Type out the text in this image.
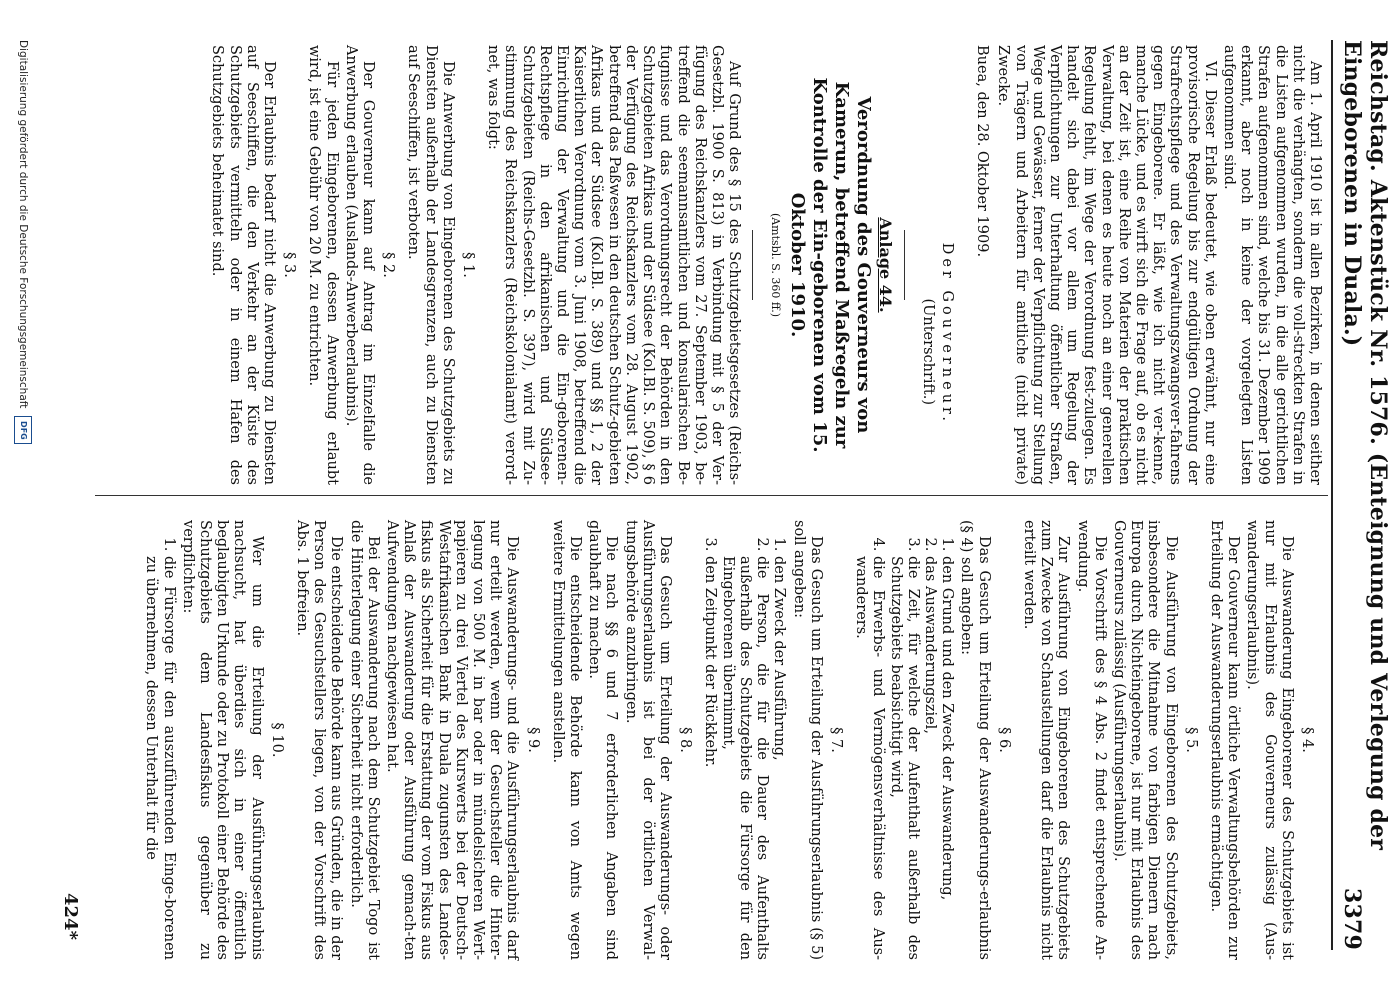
Reichstag. Aktenstück Nr. 1576. (Enteignung und Verlegung der Eingeborenen in Duala.)
3379

Am 1. April 1910 ist in allen Bezirken, in denen seither nicht die verhängten, sondern die voll-streckten Strafen in die Listen aufgenommen wurden, in die alle gerichtlichen Strafen aufgenommen sind, welche bis 31. Dezember 1909 erkannt, aber noch in keine der vorgelegten Listen aufgenommen sind.

VI. Dieser Erlaß bedeutet, wie oben erwähnt, nur eine provisorische Regelung bis zur endgültigen Ordnung der Strafrechtspflege und des Verwaltungszwangsver-fahrens gegen Eingeborene. Er läßt, wie ich nicht ver-kenne, manche Lücke, und es wirft sich die Frage auf, ob es nicht an der Zeit ist, eine Reihe von Materien der praktischen Verwaltung, bei denen es heute noch an einer generellen Regelung fehlt, im Wege der Verordnung fest-zulegen. Es handelt sich dabei vor allem um Regelung der Verpflichtungen zur Unterhaltung öffentlicher Straßen, Wege und Gewässer, ferner der Verpflichtung zur Stellung von Trägern und Arbeitern für amtliche (nicht private) Zwecke.

Buea, den 28. Oktober 1909.

Der Gouverneur.

(Unterschrift.)

Anlage 44.
Verordnung des Gouverneurs von Kamerun, betreffend Maßregeln zur Kontrolle der Ein-geborenen vom 15. Oktober 1910.
(Amtsbl. S. 360 ff.)

Auf Grund des § 15 des Schutzgebietsgesetzes (Reichs-Gesetzbl. 1900 S. 813) in Verbindung mit § 5 der Ver-fügung des Reichskanzlers vom 27. September 1903, be-treffend die seemannsamtlichen und konsularischen Be-fugnisse und das Verordnungsrecht der Behörden in den Schutzgebieten Afrikas und der Südsee (Kol.Bl. S. 509), § 6 der Verfügung des Reichskanzlers vom 28. August 1902, betreffend das Paßwesen in den deutschen Schutz-gebieten Afrikas und der Südsee (Kol.Bl. S. 389) und §§ 1, 2 der Kaiserlichen Verordnung vom 3. Juni 1908, betreffend die Einrichtung der Verwaltung und die Ein-geborenen-Rechtspflege in den afrikanischen und Südsee-Schutzgebieten (Reichs-Gesetzbl. S. 397), wird mit Zu-stimmung des Reichskanzlers (Reichskolonialamt) verord-net, was folgt:

§ 1.

Die Anwerbung von Eingeborenen des Schutzgebiets zu Diensten außerhalb der Landesgrenzen, auch zu Diensten auf Seeschiffen, ist verboten.

§ 2.

Der Gouverneur kann auf Antrag im Einzelfalle die Anwerbung erlauben (Auslands-Anwerbeerlaubnis).

Für jeden Eingeborenen, dessen Anwerbung erlaubt wird, ist eine Gebühr von 20 M. zu entrichten.

§ 3.

Der Erlaubnis bedarf nicht die Anwerbung zu Diensten auf Seeschiffen, die den Verkehr an der Küste des Schutzgebiets vermitteln oder in einem Hafen des Schutzgebiets beheimatet sind.

§ 4.

Die Auswanderung Eingeborener des Schutzgebiets ist nur mit Erlaubnis des Gouverneurs zulässig (Aus-wanderungserlaubnis).

Der Gouverneur kann örtliche Verwaltungsbehörden zur Erteilung der Auswanderungserlaubnis ermächtigen.

§ 5.

Die Ausführung von Eingeborenen des Schutzgebiets, insbesondere die Mitnahme von farbigen Dienern nach Europa durch Nichteingeborene, ist nur mit Erlaubnis des Gouverneurs zulässig (Ausführungserlaubnis).

Die Vorschrift des § 4 Abs. 2 findet entsprechende An-wendung.

Zur Ausführung von Eingeborenen des Schutzgebiets zum Zwecke von Schaustellungen darf die Erlaubnis nicht erteilt werden.

§ 6.

Das Gesuch um Erteilung der Auswanderungs-erlaubnis (§ 4) soll angeben:

1. den Grund und den Zweck der Auswanderung,
2. das Auswanderungsziel,
3. die Zeit, für welche der Aufenthalt außerhalb des Schutzgebiets beabsichtigt wird,
4. die Erwerbs- und Vermögensverhältnisse des Aus-wanderers.
§ 7.

Das Gesuch um Erteilung der Ausführungserlaubnis (§ 5) soll angeben:

1. den Zweck der Ausführung,
2. die Person, die für die Dauer des Aufenthalts außerhalb des Schutzgebiets die Fürsorge für den Eingeborenen übernimmt,
3. den Zeitpunkt der Rückkehr.
§ 8.

Das Gesuch um Erteilung der Auswanderungs- oder Ausführungserlaubnis ist bei der örtlichen Verwal-tungsbehörde anzubringen.

Die nach §§ 6 und 7 erforderlichen Angaben sind glaubhaft zu machen.

Die entscheidende Behörde kann von Amts wegen weitere Ermittelungen anstellen.

§ 9.

Die Auswanderungs- und die Ausführungserlaubnis darf nur erteilt werden, wenn der Gesuchsteller die Hinter-legung von 500 M. in bar oder in mündelsicheren Wert-papieren zu drei Viertel des Kurswerts bei der Deutsch-Westafrikanischen Bank in Duala zugunsten des Landes-fiskus als Sicherheit für die Erstattung der vom Fiskus aus Anlaß der Auswanderung oder Ausführung gemach-ten Aufwendungen nachgewiesen hat.

Bei der Auswanderung nach dem Schutzgebiet Togo ist die Hinterlegung einer Sicherheit nicht erforderlich.

Die entscheidende Behörde kann aus Gründen, die in der Person des Gesuchstellers liegen, von der Vorschrift des Abs. 1 befreien.

§ 10.

Wer um die Erteilung der Ausführungserlaubnis nachsucht, hat überdies sich in einer öffentlich beglaubigten Urkunde oder zu Protokoll einer Behörde des Schutzgebiets dem Landesfiskus gegenüber zu verpflichten:

1. die Fürsorge für den auszuführenden Einge-borenen zu übernehmen, dessen Unterhalt für die
424*
Digitalisierung gefördert durch die Deutsche Forschungsgemeinschaft
DFG
